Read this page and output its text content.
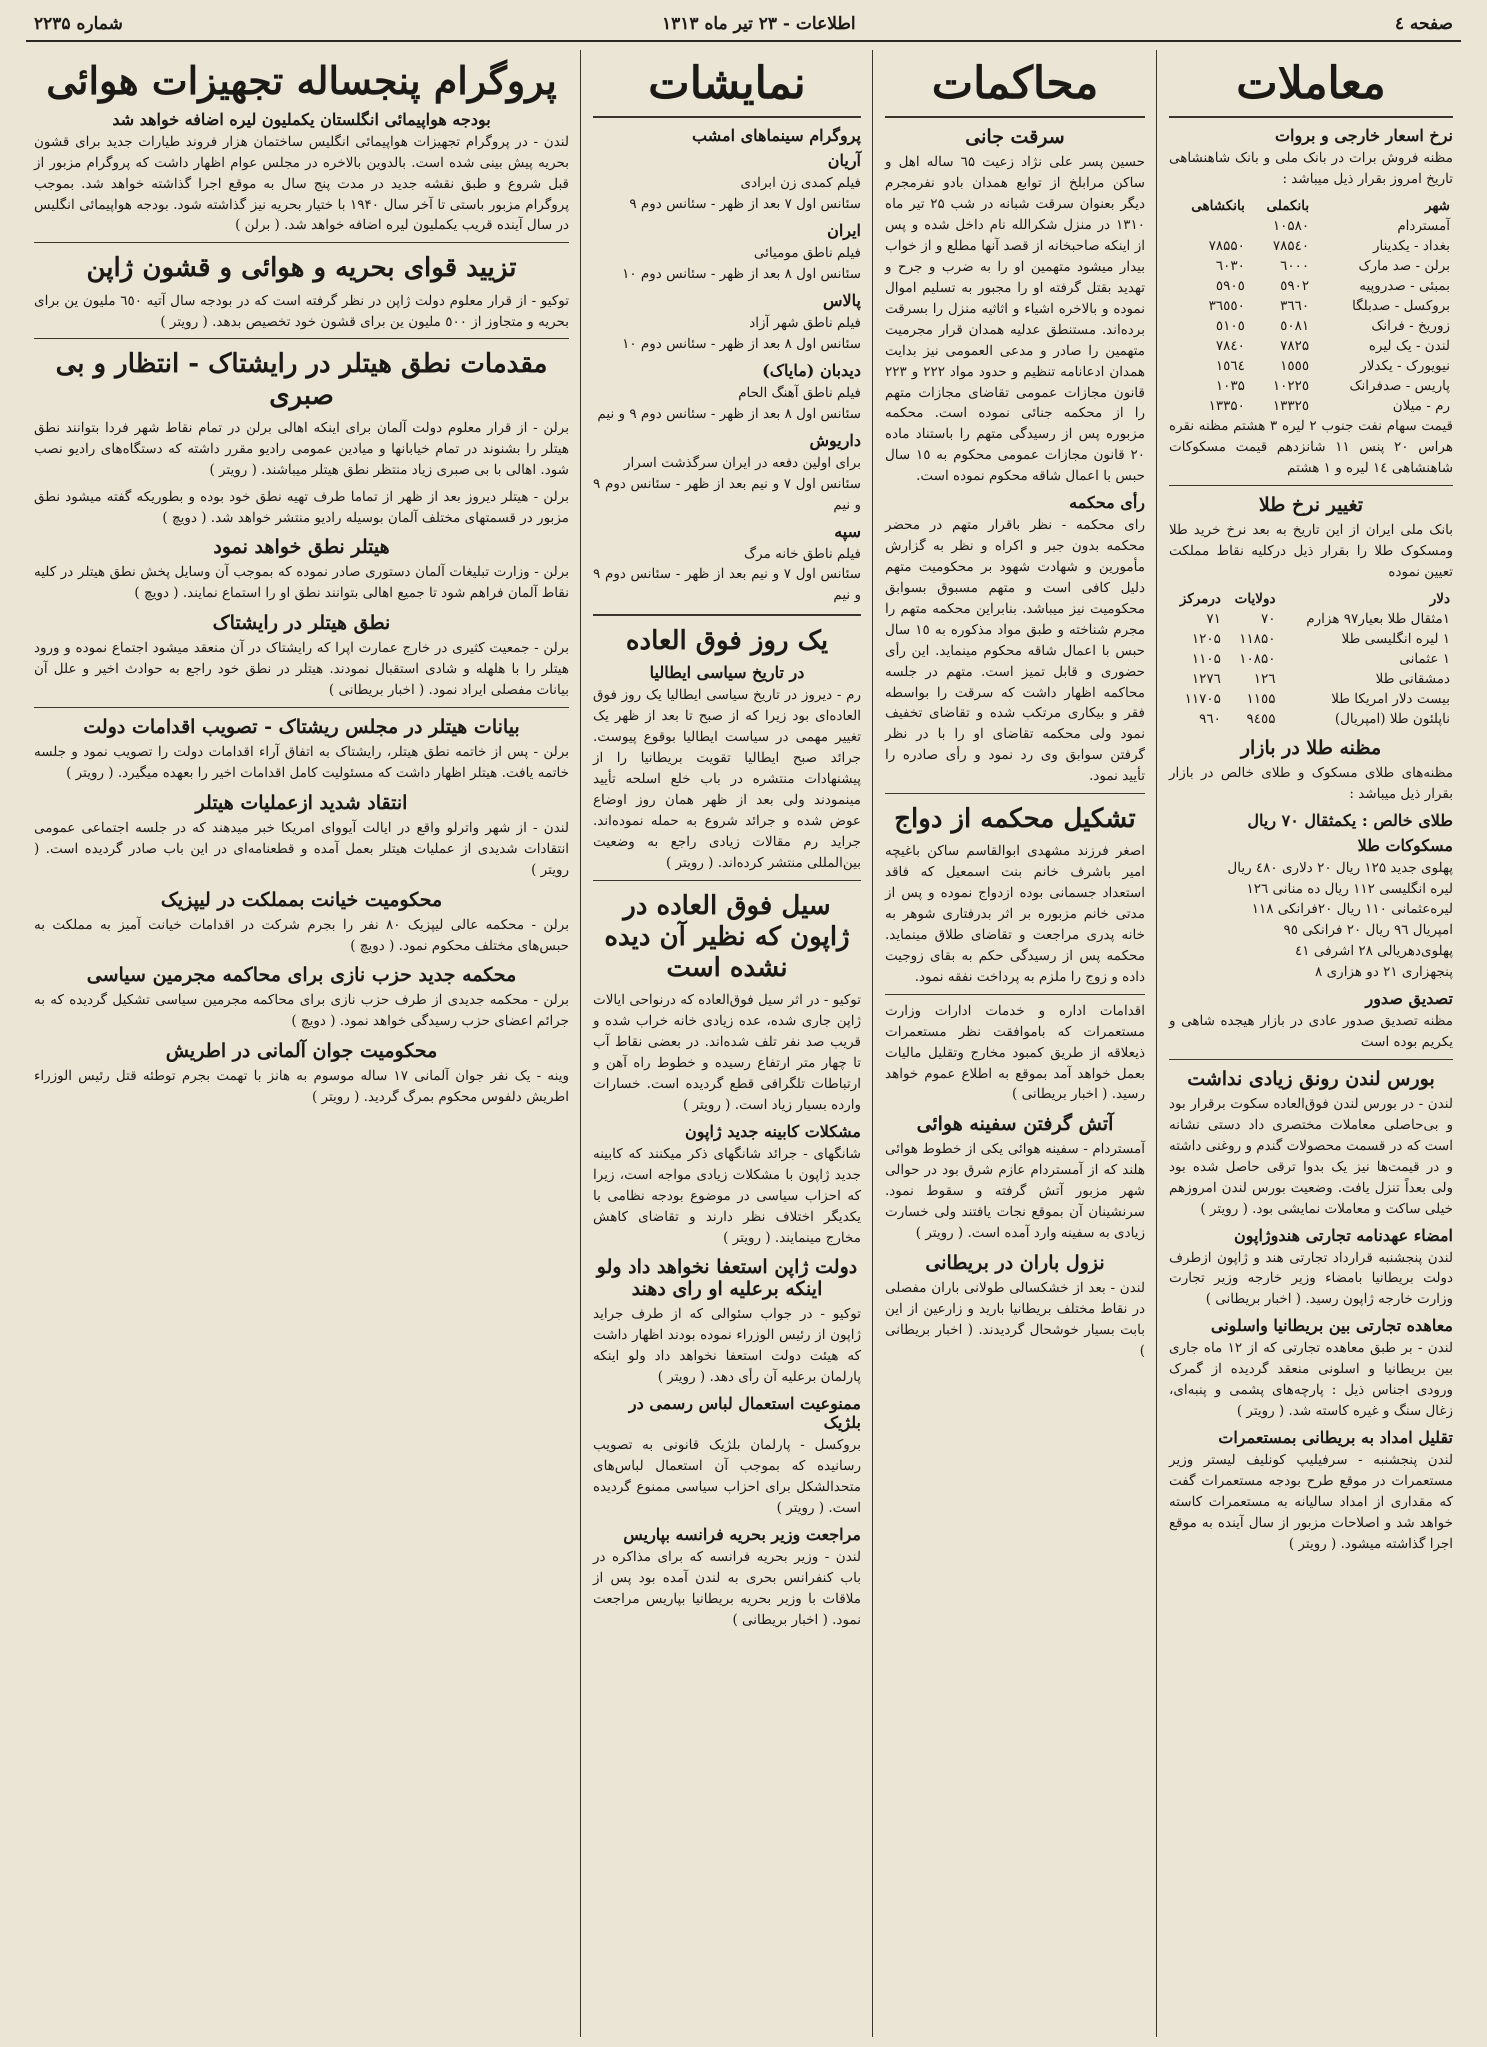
صفحه ٤
اطلاعات - ۲۳ تیر ماه ۱۳۱۳
شماره ۲۲۳۵
معاملات
نرخ اسعار خارجی و بروات

مظنه فروش برات در بانک ملی و بانک شاهنشاهی تاریخ امروز بقرار ذیل میباشد :

شهر	بانکملی	بانکشاهی
آمستردام	۱۰۵۸۰	
بغداد - یکدینار	۷۸۵٤۰	۷۸۵۵۰
برلن - صد مارک	٦٠٠٠	٦٠٣٠
بمبئی - صدروپیه	٥٩٠٢	٥٩٠٥
بروکسل - صدبلگا	٣٦٦٠	٣٦٥٥٠
زوریخ - فرانک	٥٠٨١	٥١٠٥
لندن - یک لیره	۷۸۲۵	۷۸٤٠
نیویورک - یکدلار	۱٥٥٥	۱٥٦٤
پاریس - صدفرانک	۱۰۲۲٥	۱۰۳۵
رم - میلان	۱۳۳۲٥	۱۳۳۵٠

قیمت سهام نفت جنوب ۲ لیره ۳ هشتم مظنه نقره هراس ۲۰ پنس ۱۱ شانزدهم قیمت مسکوکات شاهنشاهی ۱٤ لیره و ۱ هشتم

تغییر نرخ طلا

بانک ملی ایران از این تاریخ به بعد نرخ خرید طلا ومسکوک طلا را بقرار ذیل درکلیه نقاط مملکت تعیین نموده

دلار	دولایات	درمرکز
۱مثقال طلا بعیار۹۷ هزارم	۷۰	۷۱
۱ لیره انگلیسی طلا	۱۱۸۵۰	۱۲۰۵
۱ عثمانی	۱۰۸۵۰	۱۱۰۵
دمشقانی طلا	۱۲٦	۱۲۷٦
بیست دلار امریکا طلا	۱۱٥۵	۱۱۷۰۵
ناپلئون طلا (امپریال)	۹٤٥۵	۹٦٠
مظنه طلا در بازار

مظنه‌های طلای مسکوک و طلای خالص در بازار بقرار ذیل میباشد :

طلای خالص : یکمثقال ۷۰ ریال
مسکوکات طلا

پهلوی جدید ۱۲۵ ریال ۲۰ دلاری ٤٨٠ ریال

لیره انگلیسی ۱۱۲ ریال ده منانی ۱۲٦

لیره‌عثمانی ۱۱۰ ریال ۲۰فرانکی ۱۱٨

امپریال ۹٦ ریال ۲۰ فرانکی‌ ۹٥

پهلوی‌دهریالی ۲٨ اشرفی ٤۱

پنجهزاری ۲۱ دو هزاری ۸

تصدیق صدور

مظنه تصدیق صدور عادی در بازار هیجده شاهی و یکریم بوده است

بورس لندن رونق زیادی نداشت

لندن - در بورس لندن فوق‌العاده سکوت برقرار بود و بی‌حاصلی معاملات مختصری داد دستی نشانه است که در قسمت محصولات گندم و روغنی داشته و در قیمت‌ها نیز یک بدوا ترقی حاصل شده بود ولی بعداً تنزل یافت. وضعیت بورس لندن امروزهم خیلی ساکت و معاملات نمایشی بود. ( رویتر )

امضاء عهدنامه تجارتی هندوژاپون

لندن پنجشنبه قرارداد تجارتی هند و ژاپون ازطرف دولت بریطانیا بامضاء وزیر خارجه وزیر تجارت وزارت خارجه ژاپون رسید. ( اخبار بریطانی )

معاهده تجارتی بین بریطانیا واسلونی

لندن - بر طبق معاهده تجارتی که از ۱۲ ماه جاری بین بریطانیا و اسلونی منعقد گردیده از گمرک ورودی اجناس ذیل : پارچه‌های پشمی و پنبه‌ای، زغال سنگ و غیره کاسته شد. ( رویتر )

تقلیل امداد به بریطانی بمستعمرات

لندن پنجشنبه - سرفیلیپ کونلیف لیستر وزیر مستعمرات در موقع طرح بودجه مستعمرات گفت که مقداری از امداد سالیانه به مستعمرات کاسته خواهد شد و اصلاحات مزبور از سال آینده به موقع اجرا گذاشته میشود. ( رویتر )

محاکمات
سرقت جانی

حسین پسر علی نژاد زعیت ٦۵ ساله اهل و ساکن مرابلخ از توابع همدان بادو نفرمجرم دیگر بعنوان سرقت شبانه در شب ۲۵ تیر ماه ۱۳۱۰ در منزل شکرالله نام داخل شده و پس از اینکه صاحبخانه از قصد آنها مطلع و از خواب بیدار میشود متهمین او را به ضرب و جرح و تهدید بقتل گرفته او را مجبور به تسلیم اموال نموده و بالاخره اشیاء و اثاثیه منزل را بسرقت برده‌اند. مستنطق عدلیه همدان قرار مجرمیت متهمین را صادر و مدعی العمومی نیز بدایت همدان ادعانامه تنظیم و حدود مواد ۲۲۲ و ۲۲۳ قانون مجازات عمومی تقاضای مجازات متهم را از محکمه جنائی نموده است. محکمه مزبوره پس از رسیدگی متهم را باستناد ماده ۲۰ قانون مجازات عمومی محکوم به ۱٥ سال حبس با اعمال شاقه محکوم نموده است.

رأی محکمه

رای محکمه - نظر باقرار متهم در محضر محکمه بدون جبر و اکراه و نظر به گزارش مأمورین و شهادت شهود بر محکومیت متهم دلیل کافی است و متهم مسبوق بسوابق محکومیت نیز میباشد. بنابراین محکمه متهم را مجرم شناخته و طبق مواد مذکوره به ۱٥ سال حبس با اعمال شاقه محکوم مینماید. این رأی حضوری و قابل تمیز است. متهم در جلسه محاکمه اظهار داشت که سرقت را بواسطه فقر و بیکاری مرتکب شده و تقاضای تخفیف نمود ولی محکمه تقاضای او را با در نظر گرفتن سوابق وی رد نمود و رأی صادره را تأیید نمود.

تشکیل محکمه از دواج

اصغر فرزند مشهدی ابوالقاسم ساکن باغیچه امیر باشرف خانم بنت اسمعیل که فاقد استعداد جسمانی بوده ازدواج نموده و پس از مدتی خانم مزبوره بر اثر بدرفتاری شوهر به خانه پدری مراجعت و تقاضای طلاق مینماید. محکمه پس از رسیدگی حکم به بقای زوجیت داده و زوج را ملزم به پرداخت نفقه نمود.

اقدامات اداره و خدمات ادارات وزارت مستعمرات که باموافقت نظر مستعمرات ذیعلاقه از طریق کمبود مخارج وتقلیل مالیات بعمل خواهد آمد بموقع به اطلاع عموم خواهد رسید. ( اخبار بریطانی )

آتش گرفتن سفینه هوائی

آمستردام - سفینه هوائی یکی از خطوط هوائی هلند که از آمستردام عازم شرق بود در حوالی شهر مزبور آتش گرفته و سقوط نمود. سرنشینان آن بموقع نجات یافتند ولی خسارت زیادی به سفینه وارد آمده است. ( رویتر )

نزول باران در بریطانی

لندن - بعد از خشکسالی طولانی باران مفصلی در نقاط مختلف بریطانیا بارید و زارعین از این بابت بسیار خوشحال گردیدند. ( اخبار بریطانی )

نمایشات
پروگرام سینماهای امشب
آریان

فیلم کمدی زن ابرادی

سئانس اول ۷ بعد از ظهر - سئانس دوم ۹

ایران

فیلم ناطق مومیائی

سئانس اول ۸ بعد از ظهر - سئانس دوم ۱۰

پالاس

فیلم ناطق شهر آزاد

سئانس اول ۸ بعد از ظهر - سئانس دوم ۱۰

دیدبان (مایاک)

فیلم ناطق آهنگ الحام

سئانس اول ۸ بعد از ظهر - سئانس دوم ۹ و نیم

داریوش

برای اولین دفعه در ایران سرگذشت اسرار

سئانس اول ۷ و نیم بعد از ظهر - سئانس دوم ۹ و نیم

سپه

فیلم ناطق خانه مرگ

سئانس اول ۷ و نیم بعد از ظهر - سئانس دوم ۹ و نیم

یک روز فوق العاده
در تاریخ سیاسی ایطالیا

رم - دیروز در تاریخ سیاسی ایطالیا یک روز فوق العاده‌ای بود زیرا که از صبح تا بعد از ظهر یک تغییر مهمی در سیاست ایطالیا بوقوع پیوست. جرائد صبح ایطالیا تقویت بریطانیا را از پیشنهادات منتشره در باب خلع اسلحه تأیید مینمودند ولی بعد از ظهر همان روز اوضاع عوض شده و جرائد شروع به حمله نموده‌اند. جراید رم مقالات زیادی راجع به وضعیت بین‌المللی منتشر کرده‌اند. ( رویتر )

سیل فوق العاده در ژاپون که نظیر آن دیده نشده است

توکیو - در اثر سیل فوق‌العاده که درنواحی ایالات ژاپن جاری شده، عده زیادی خانه خراب شده و قریب صد نفر تلف شده‌اند. در بعضی نقاط آب تا چهار متر ارتفاع رسیده و خطوط راه آهن و ارتباطات تلگرافی قطع گردیده است. خسارات وارده بسیار زیاد است. ( رویتر )

مشکلات کابینه جدید ژاپون

شانگهای - جرائد شانگهای ذکر میکنند که کابینه جدید ژاپون با مشکلات زیادی مواجه است، زیرا که احزاب سیاسی در موضوع بودجه نظامی با یکدیگر اختلاف نظر دارند و تقاضای کاهش مخارج مینمایند. ( رویتر )

دولت ژاپن استعفا نخواهد داد ولو اینکه برعلیه او رای دهند

توکیو - در جواب سئوالی که از طرف جراید ژاپون از رئیس الوزراء نموده بودند اظهار داشت که هیئت دولت استعفا نخواهد داد ولو اینکه پارلمان برعلیه آن رأی دهد. ( رویتر )

ممنوعیت استعمال لباس رسمی در بلژیک

بروکسل - پارلمان بلژیک قانونی به تصویب رسانیده که بموجب آن استعمال لباس‌های متحدالشکل برای احزاب سیاسی ممنوع گردیده است. ( رویتر )

مراجعت وزیر بحریه فرانسه بپاریس

لندن - وزیر بحریه فرانسه که برای مذاکره در باب کنفرانس بحری به لندن آمده بود پس از ملاقات با وزیر بحریه بریطانیا بپاریس مراجعت نمود. ( اخبار بریطانی )

پروگرام پنجساله تجهیزات هوائی
بودجه هواپیمائی انگلستان یکملیون لیره اضافه خواهد شد

لندن - در پروگرام تجهیزات هواپیمائی انگلیس ساختمان هزار فروند طیارات جدید برای قشون بحریه پیش بینی شده است. بالدوین بالاخره در مجلس عوام اظهار داشت که پروگرام مزبور از قبل شروع و طبق نقشه جدید در مدت پنج سال به موقع اجرا گذاشته خواهد شد. بموجب پروگرام مزبور باستی تا آخر سال ۱۹۴۰ با ختیار بحریه نیز گذاشته شود. بودجه هواپیمائی انگلیس در سال آینده قریب یکملیون لیره اضافه خواهد شد. ( برلن )

تزیید قوای بحریه و هوائی و قشون ژاپن

توکیو - از قرار معلوم دولت ژاپن در نظر گرفته است که در بودجه سال آتیه ٦٥٠ ملیون ین برای بحریه و متجاوز از ٥٠٠ ملیون ین برای قشون خود تخصیص بدهد. ( رویتر )

مقدمات نطق هیتلر در رایشتاک - انتظار و بی صبری

برلن - از قرار معلوم دولت آلمان برای اینکه اهالی برلن در تمام نقاط شهر فردا بتوانند نطق هیتلر را بشنوند در تمام خیابانها و میادین عمومی رادیو مقرر داشته که دستگاه‌های رادیو نصب شود. اهالی با بی صبری زیاد منتظر نطق هیتلر میباشند. ( رویتر )

برلن - هیتلر دیروز بعد از ظهر از تماما طرف تهیه نطق خود بوده و بطوریکه گفته میشود نطق مزبور در قسمتهای مختلف آلمان بوسیله رادیو منتشر خواهد شد. ( دویچ )

هیتلر نطق خواهد نمود

برلن - وزارت تبلیغات آلمان دستوری صادر نموده که بموجب آن وسایل پخش نطق هیتلر در کلیه نقاط آلمان فراهم شود تا جمیع اهالی بتوانند نطق او را استماع نمایند. ( دویچ )

نطق هیتلر در رایشتاک

برلن - جمعیت کثیری در خارج عمارت اپرا که رایشتاک در آن منعقد میشود اجتماع نموده و ورود هیتلر را با هلهله و شادی استقبال نمودند. هیتلر در نطق خود راجع به حوادث اخیر و علل آن بیانات مفصلی ایراد نمود. ( اخبار بریطانی )

بیانات هیتلر در مجلس ریشتاک - تصویب اقدامات دولت

برلن - پس از خاتمه نطق هیتلر، رایشتاک به اتفاق آراء اقدامات دولت را تصویب نمود و جلسه خاتمه یافت. هیتلر اظهار داشت که مسئولیت کامل اقدامات اخیر را بعهده میگیرد. ( رویتر )

انتقاد شدید ازعملیات هیتلر

لندن - از شهر واترلو واقع در ایالت آیووای امریکا خبر میدهند که در جلسه اجتماعی عمومی انتقادات شدیدی از عملیات هیتلر بعمل آمده و قطعنامه‌ای در این باب صادر گردیده است. ( رویتر )

محکومیت خیانت بمملکت در لیپزیک

برلن - محکمه عالی لیپزیک ۸۰ نفر را بجرم شرکت در اقدامات خیانت آمیز به مملکت به حبس‌های مختلف محکوم نمود. ( دویچ )

محکمه جدید حزب نازی برای محاکمه مجرمین سیاسی

برلن - محکمه جدیدی از طرف حزب نازی برای محاکمه مجرمین سیاسی تشکیل گردیده که به جرائم اعضای حزب رسیدگی خواهد نمود. ( دویچ )

محکومیت جوان آلمانی در اطریش

وینه - یک نفر جوان آلمانی ۱۷ ساله موسوم به هانز با تهمت بجرم توطئه قتل رئیس الوزراء اطریش دلفوس محکوم بمرگ گردید. ( رویتر )
